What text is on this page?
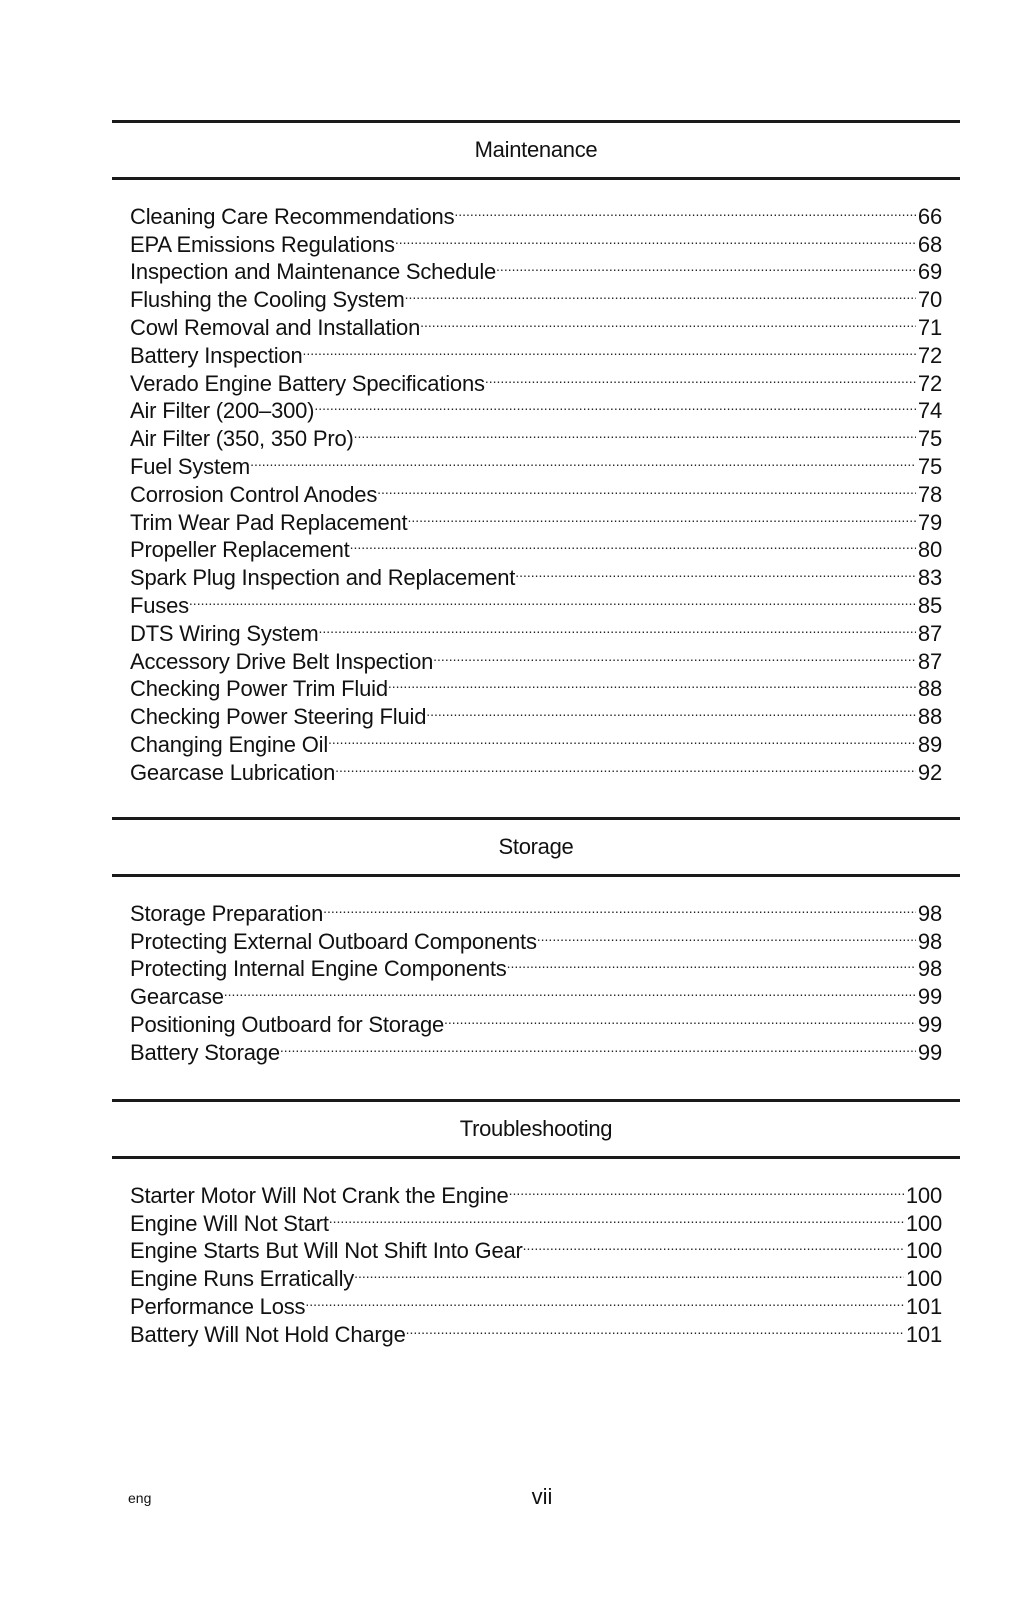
Maintenance
Cleaning Care Recommendations .....	66
EPA Emissions Regulations .....	68
Inspection and Maintenance Schedule .....	69
Flushing the Cooling System .....	70
Cowl Removal and Installation .....	71
Battery Inspection .....	72
Verado Engine Battery Specifications .....	72
Air Filter (200–300) .....	74
Air Filter (350, 350 Pro) .....	75
Fuel System .....	75
Corrosion Control Anodes .....	78
Trim Wear Pad Replacement .....	79
Propeller Replacement .....	80
Spark Plug Inspection and Replacement .....	83
Fuses .....	85
DTS Wiring System .....	87
Accessory Drive Belt Inspection .....	87
Checking Power Trim Fluid .....	88
Checking Power Steering Fluid .....	88
Changing Engine Oil .....	89
Gearcase Lubrication .....	92
Storage
Storage Preparation .....	98
Protecting External Outboard Components .....	98
Protecting Internal Engine Components .....	98
Gearcase .....	99
Positioning Outboard for Storage .....	99
Battery Storage .....	99
Troubleshooting
Starter Motor Will Not Crank the Engine .....	100
Engine Will Not Start .....	100
Engine Starts But Will Not Shift Into Gear .....	100
Engine Runs Erratically .....	100
Performance Loss .....	101
Battery Will Not Hold Charge .....	101
eng	vii
